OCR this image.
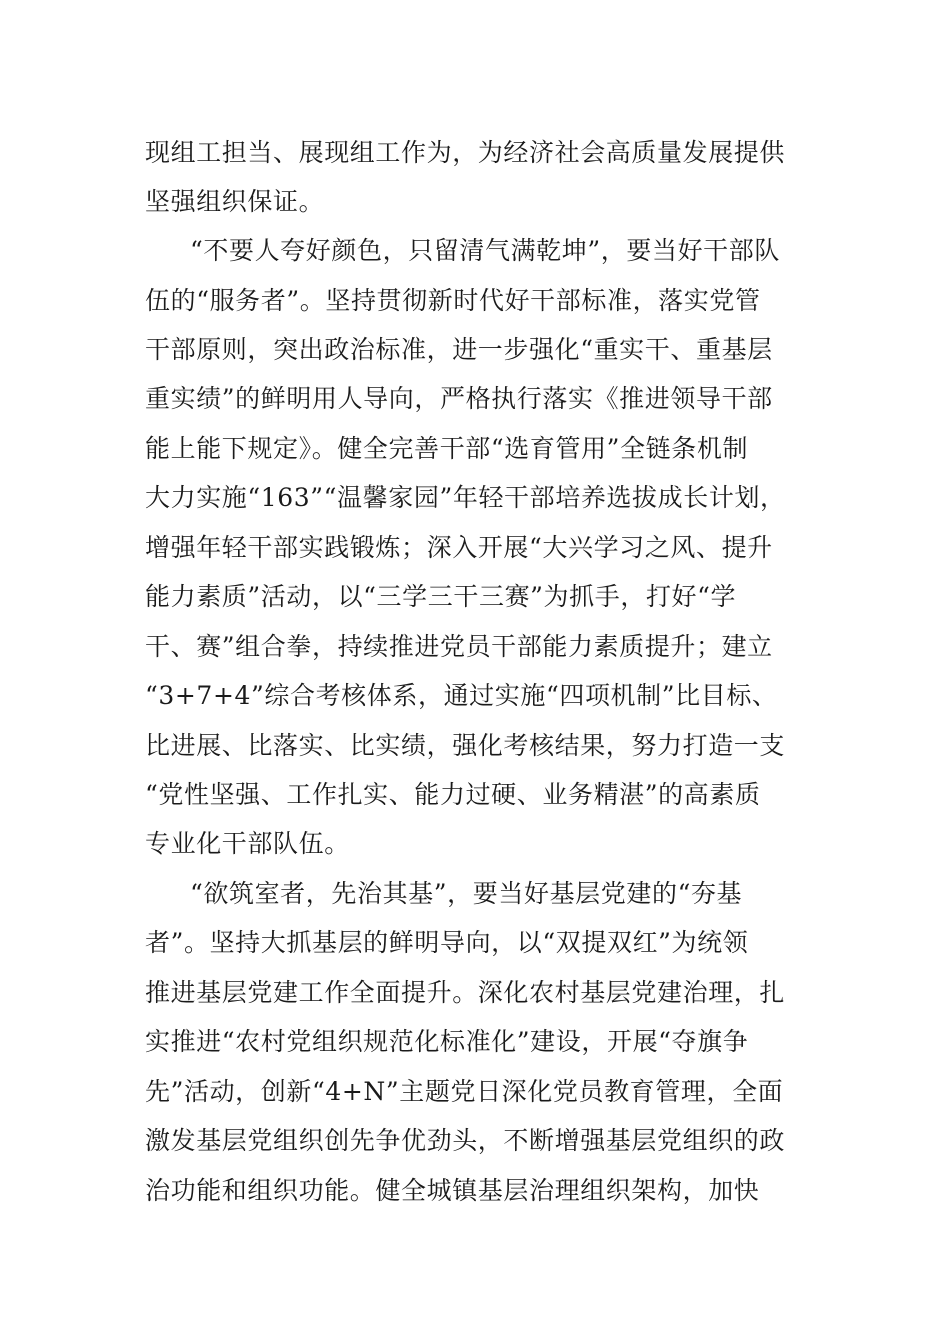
现组工担当、展现组工作为，为经济社会高质量发展提供
坚强组织保证。
“不要人夸好颜色，只留清气满乾坤”，要当好干部队
伍的“服务者”。坚持贯彻新时代好干部标准，落实党管
干部原则，突出政治标准，进一步强化“重实干、重基层
重实绩”的鲜明用人导向，严格执行落实《推进领导干部
能上能下规定》。健全完善干部“选育管用”全链条机制
大力实施“163”“温馨家园”年轻干部培养选拔成长计划，
增强年轻干部实践锻炼；深入开展“大兴学习之风、提升
能力素质”活动，以“三学三干三赛”为抓手，打好“学
干、赛”组合拳，持续推进党员干部能力素质提升；建立
“3+7+4”综合考核体系，通过实施“四项机制”比目标、
比进展、比落实、比实绩，强化考核结果，努力打造一支
“党性坚强、工作扎实、能力过硬、业务精湛”的高素质
专业化干部队伍。
“欲筑室者，先治其基”，要当好基层党建的“夯基
者”。坚持大抓基层的鲜明导向，以“双提双红”为统领
推进基层党建工作全面提升。深化农村基层党建治理，扎
实推进“农村党组织规范化标准化”建设，开展“夺旗争
先”活动，创新“4+N”主题党日深化党员教育管理，全面
激发基层党组织创先争优劲头，不断增强基层党组织的政
治功能和组织功能。健全城镇基层治理组织架构，加快
